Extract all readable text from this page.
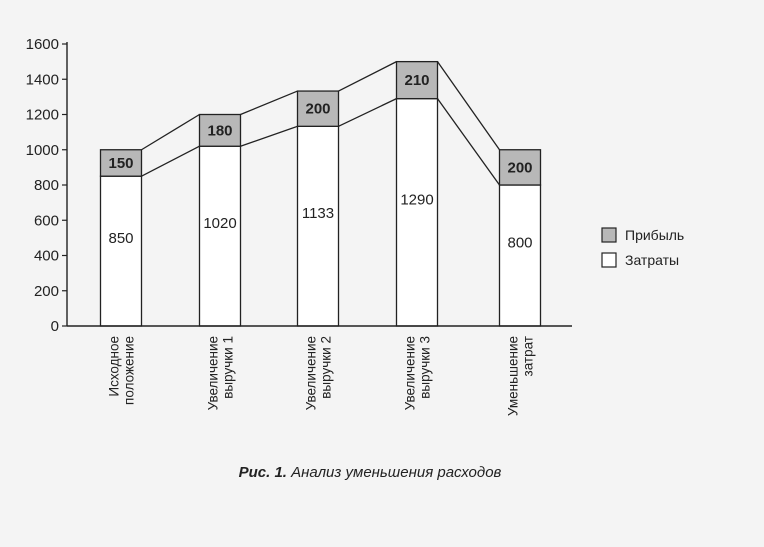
0
200
400
600
800
1000
1200
1400
1600
850
150
Исходное положение
1020
180
Увеличение выручки 1
1133
200
Увеличение выручки 2
1290
210
Увеличение выручки 3
800
200
Уменьшение затрат
Прибыль
Затраты
Рис. 1. Анализ уменьшения расходов
